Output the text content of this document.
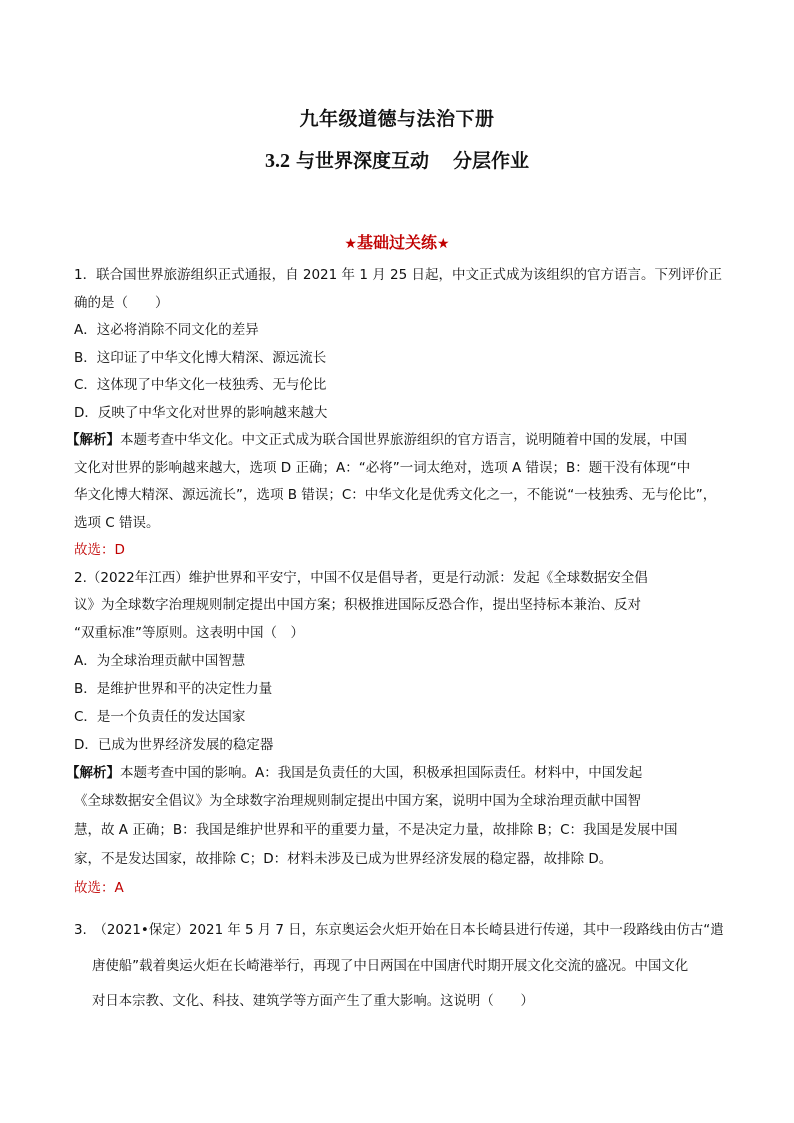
九年级道德与法治下册
3.2 与世界深度互动 分层作业
★基础过关练★
1．联合国世界旅游组织正式通报，自 2021 年 1 月 25 日起，中文正式成为该组织的官方语言。下列评价正
确的是（　　）
A．这必将消除不同文化的差异
B．这印证了中华文化博大精深、源远流长
C．这体现了中华文化一枝独秀、无与伦比
D．反映了中华文化对世界的影响越来越大
【解析】本题考查中华文化。中文正式成为联合国世界旅游组织的官方语言，说明随着中国的发展，中国
文化对世界的影响越来越大，选项 D 正确；A：“必将”一词太绝对，选项 A 错误；B：题干没有体现“中
华文化博大精深、源远流长”，选项 B 错误；C：中华文化是优秀文化之一，不能说“一枝独秀、无与伦比”，
选项 C 错误。
故选：D
2.（2022年江西）维护世界和平安宁，中国不仅是倡导者，更是行动派：发起《全球数据安全倡
议》为全球数字治理规则制定提出中国方案；积极推进国际反恐合作，提出坚持标本兼治、反对
“双重标准”等原则。这表明中国（　）
A．为全球治理贡献中国智慧
B．是维护世界和平的决定性力量
C．是一个负责任的发达国家
D．已成为世界经济发展的稳定器
【解析】本题考查中国的影响。A：我国是负责任的大国，积极承担国际责任。材料中，中国发起
《全球数据安全倡议》为全球数字治理规则制定提出中国方案，说明中国为全球治理贡献中国智
慧，故 A 正确；B：我国是维护世界和平的重要力量，不是决定力量，故排除 B；C：我国是发展中国
家，不是发达国家，故排除 C；D：材料未涉及已成为世界经济发展的稳定器，故排除 D。
故选：A
3.　（2021•保定）2021 年 5 月 7 日，东京奥运会火炬开始在日本长崎县进行传递，其中一段路线由仿古“遣
唐使船”载着奥运火炬在长崎港举行，再现了中日两国在中国唐代时期开展文化交流的盛况。中国文化
对日本宗教、文化、科技、建筑学等方面产生了重大影响。这说明（　　）
